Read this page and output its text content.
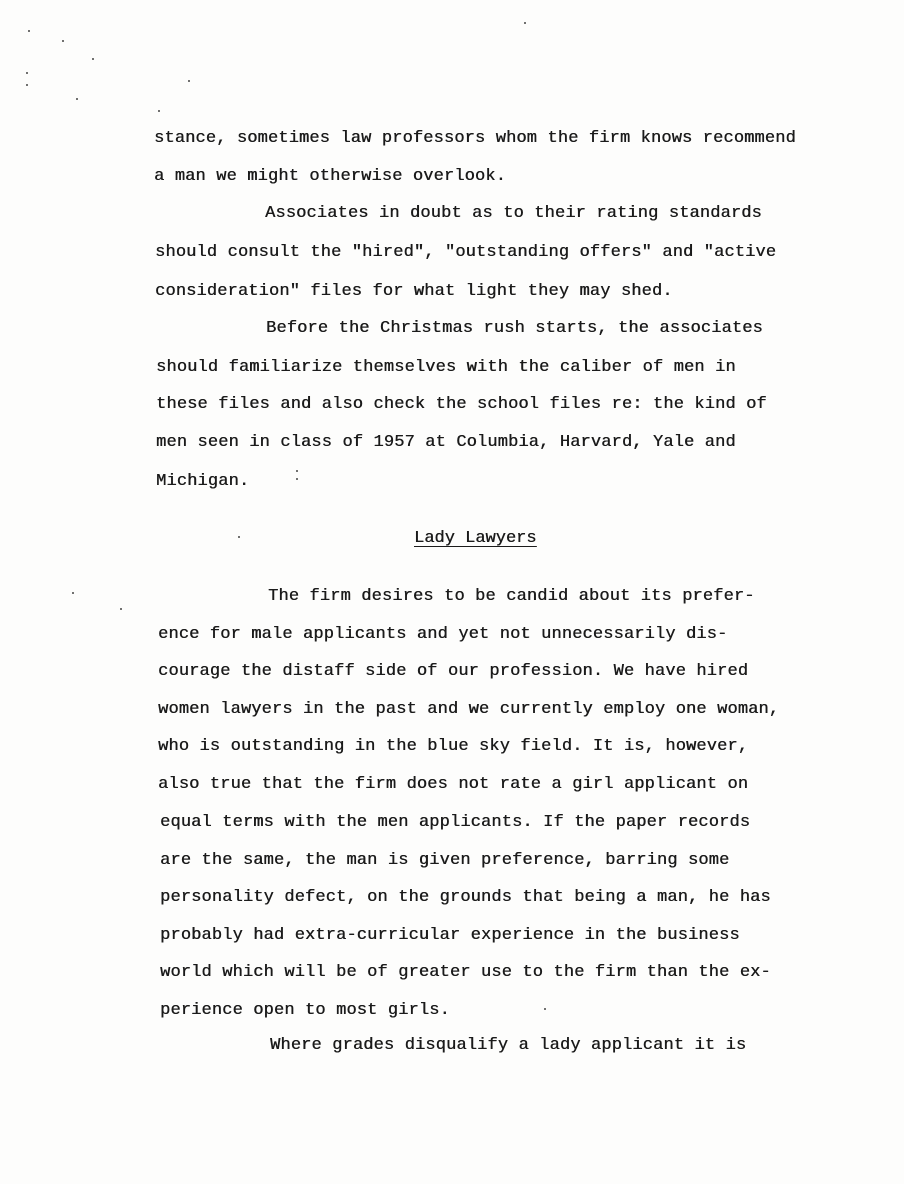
stance, sometimes law professors whom the firm knows recommend
a man we might otherwise overlook.
Associates in doubt as to their rating standards
should consult the "hired", "outstanding offers" and "active
consideration" files for what light they may shed.
Before the Christmas rush starts, the associates
should familiarize themselves with the caliber of men in
these files and also check the school files re: the kind of
men seen in class of 1957 at Columbia, Harvard, Yale and
Michigan.
Lady Lawyers
The firm desires to be candid about its prefer-
ence for male applicants and yet not unnecessarily dis-
courage the distaff side of our profession. We have hired
women lawyers in the past and we currently employ one woman,
who is outstanding in the blue sky field. It is, however,
also true that the firm does not rate a girl applicant on
equal terms with the men applicants. If the paper records
are the same, the man is given preference, barring some
personality defect, on the grounds that being a man, he has
probably had extra-curricular experience in the business
world which will be of greater use to the firm than the ex-
perience open to most girls.
Where grades disqualify a lady applicant it is
